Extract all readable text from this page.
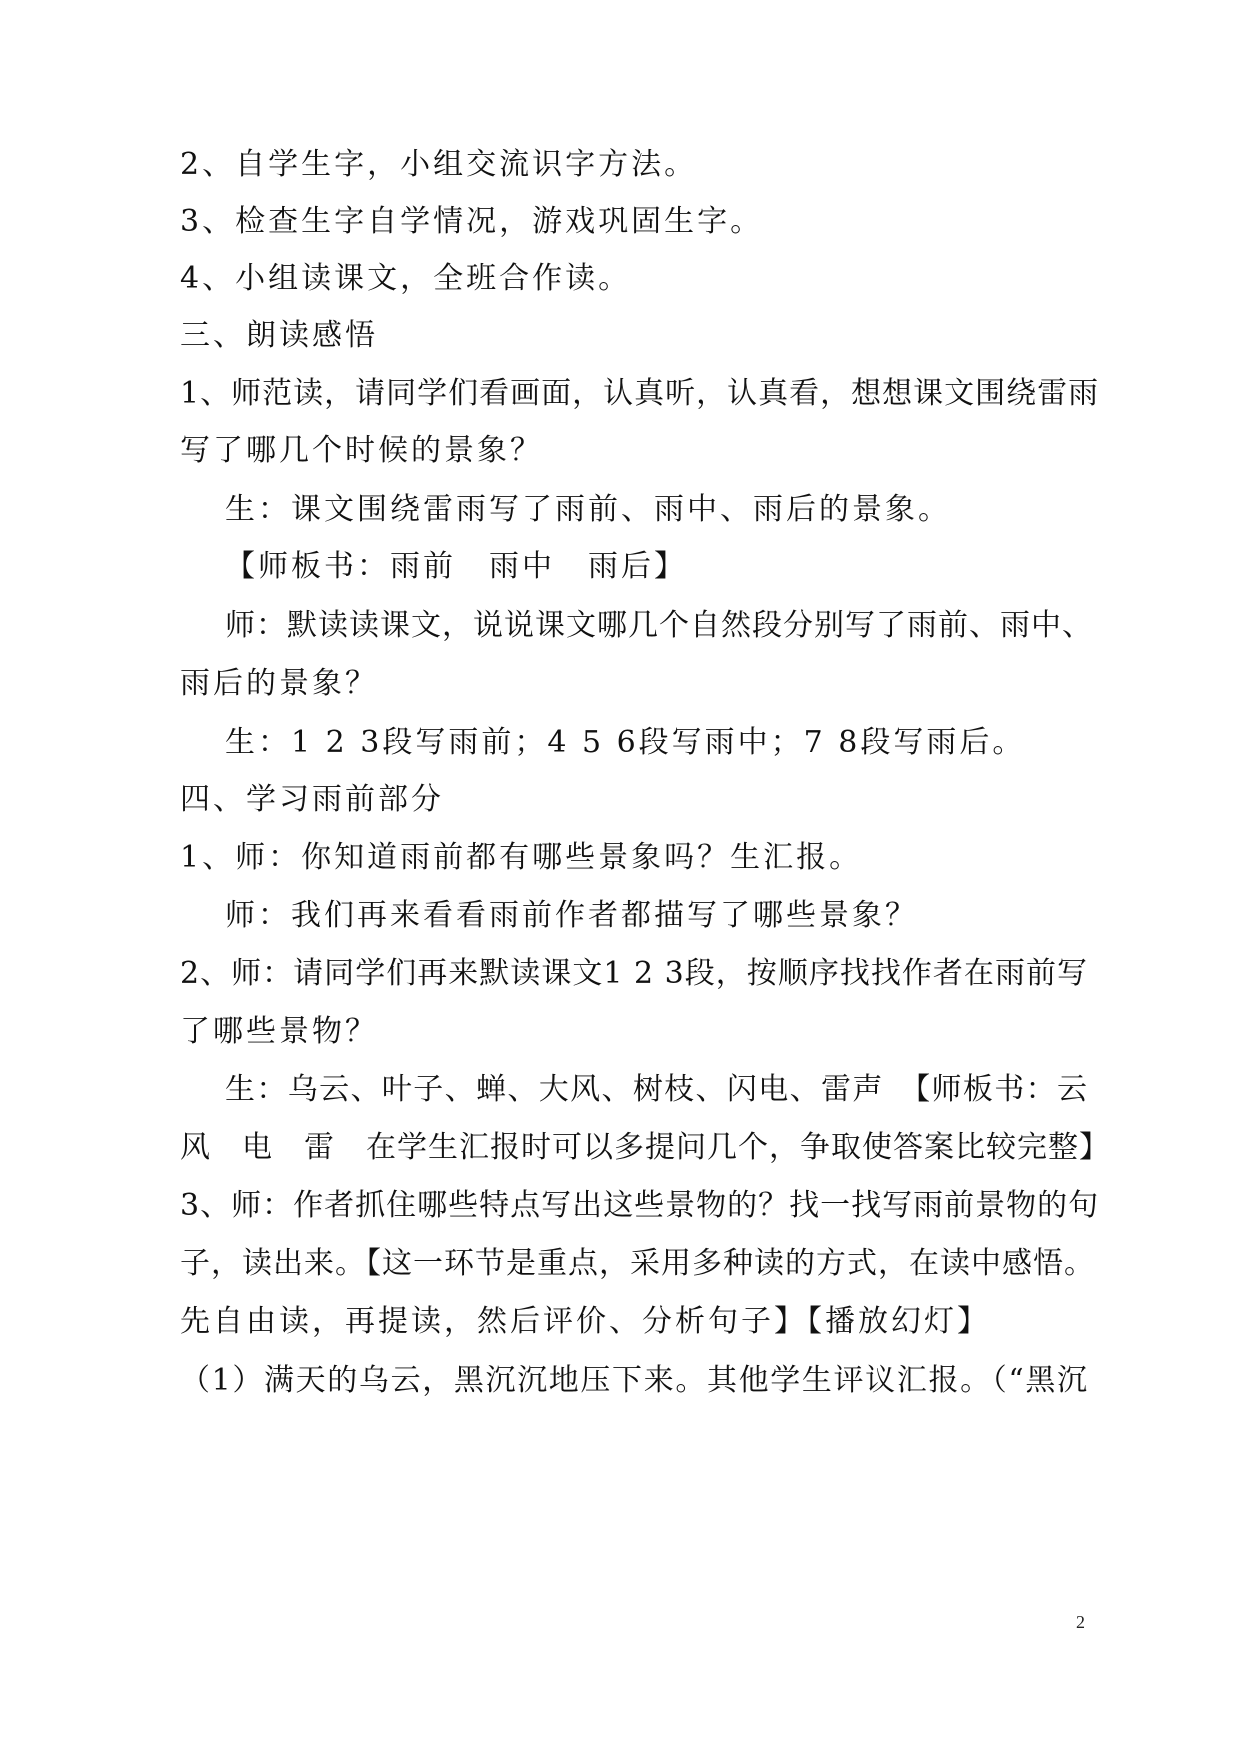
2、自学生字，小组交流识字方法。
3、检查生字自学情况，游戏巩固生字。
4、小组读课文，全班合作读。
三、朗读感悟
1、师范读，请同学们看画面，认真听，认真看，想想课文围绕雷雨
写了哪几个时候的景象？
生：课文围绕雷雨写了雨前、雨中、雨后的景象。
【师板书：雨前　雨中　雨后】
师：默读读课文，说说课文哪几个自然段分别写了雨前、雨中、
雨后的景象？
生：1 2 3段写雨前；4 5 6段写雨中；7 8段写雨后。
四、学习雨前部分
1、师：你知道雨前都有哪些景象吗？生汇报。
师：我们再来看看雨前作者都描写了哪些景象？
2、师：请同学们再来默读课文1 2 3段，按顺序找找作者在雨前写
了哪些景物？
生：乌云、叶子、蝉、大风、树枝、闪电、雷声　【师板书：云
风　电　雷　在学生汇报时可以多提问几个，争取使答案比较完整】
3、师：作者抓住哪些特点写出这些景物的？找一找写雨前景物的句
子，读出来。【这一环节是重点，采用多种读的方式，在读中感悟。
先自由读，再提读，然后评价、分析句子】【播放幻灯】
（1）满天的乌云，黑沉沉地压下来。其他学生评议汇报。（“黑沉
2
